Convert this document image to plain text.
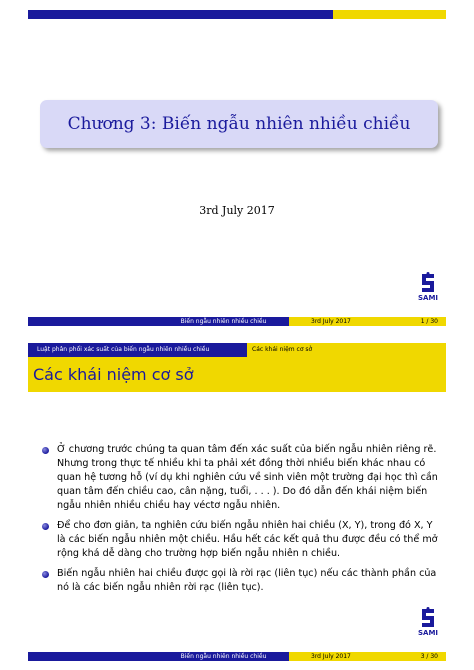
Chương 3: Biến ngẫu nhiên nhiều chiều
3rd July 2017
SAMI
Biến ngẫu nhiên nhiều chiều	3rd July 2017	1 / 30
Luật phân phối xác suất của biến ngẫu nhiên nhiều chiều	Các khái niệm cơ sở
Các khái niệm cơ sở
Ở chương trước chúng ta quan tâm đến xác suất của biến ngẫu nhiên riêng rẽ. Nhưng trong thực tế nhiều khi ta phải xét đồng thời nhiều biến khác nhau có quan hệ tương hỗ (ví dụ khi nghiên cứu về sinh viên một trường đại học thì cần quan tâm đến chiều cao, cân nặng, tuổi, . . . ). Do đó dẫn đến khái niệm biến ngẫu nhiên nhiều chiều hay véctơ ngẫu nhiên.
Để cho đơn giản, ta nghiên cứu biến ngẫu nhiên hai chiều (X, Y), trong đó X, Y là các biến ngẫu nhiên một chiều. Hầu hết các kết quả thu được đều có thể mở rộng khá dễ dàng cho trường hợp biến ngẫu nhiên n chiều.
Biến ngẫu nhiên hai chiều được gọi là rời rạc (liên tục) nếu các thành phần của nó là các biến ngẫu nhiên rời rạc (liên tục).
SAMI
Biến ngẫu nhiên nhiều chiều	3rd July 2017	3 / 30
